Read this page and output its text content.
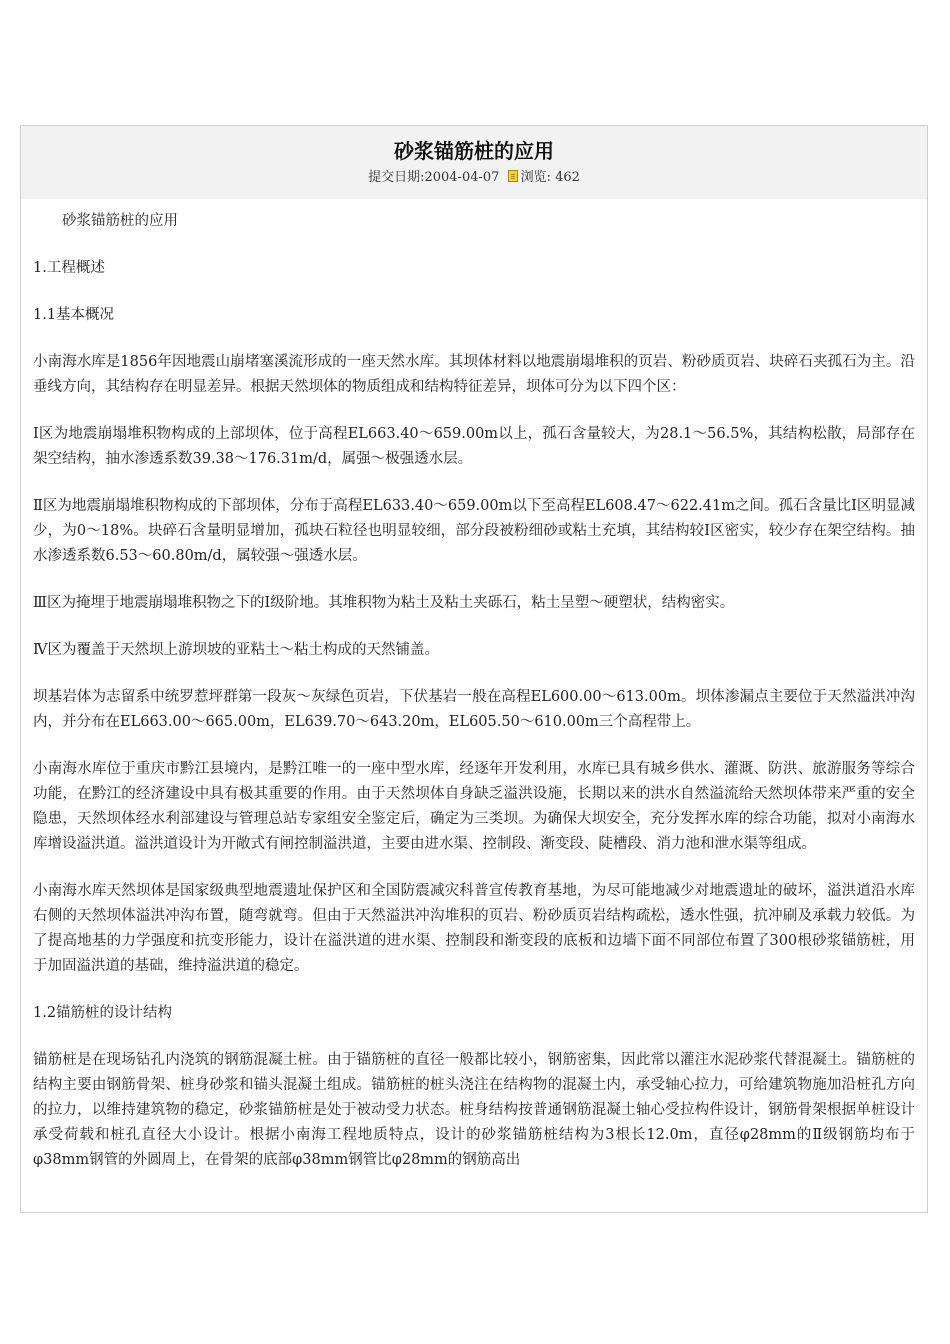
砂浆锚筋桩的应用
提交日期:2004-04-07 浏览: 462

砂浆锚筋桩的应用

1.工程概述

1.1基本概况

小南海水库是1856年因地震山崩堵塞溪流形成的一座天然水库。其坝体材料以地震崩塌堆积的页岩、粉砂质页岩、块碎石夹孤石为主。沿垂线方向，其结构存在明显差异。根据天然坝体的物质组成和结构特征差异，坝体可分为以下四个区：

Ⅰ区为地震崩塌堆积物构成的上部坝体，位于高程EL663.40～659.00m以上，孤石含量较大，为28.1～56.5%，其结构松散，局部存在架空结构，抽水渗透系数39.38～176.31m/d，属强～极强透水层。

Ⅱ区为地震崩塌堆积物构成的下部坝体，分布于高程EL633.40～659.00m以下至高程EL608.47～622.41m之间。孤石含量比Ⅰ区明显减少，为0～18%。块碎石含量明显增加，孤块石粒径也明显较细，部分段被粉细砂或粘土充填，其结构较Ⅰ区密实，较少存在架空结构。抽水渗透系数6.53～60.80m/d，属较强～强透水层。

Ⅲ区为掩埋于地震崩塌堆积物之下的Ⅰ级阶地。其堆积物为粘土及粘土夹砾石，粘土呈塑～硬塑状，结构密实。

Ⅳ区为覆盖于天然坝上游坝坡的亚粘土～粘土构成的天然铺盖。

坝基岩体为志留系中统罗惹坪群第一段灰～灰绿色页岩，下伏基岩一般在高程EL600.00～613.00m。坝体渗漏点主要位于天然溢洪冲沟内，并分布在EL663.00～665.00m，EL639.70～643.20m，EL605.50～610.00m三个高程带上。

小南海水库位于重庆市黔江县境内，是黔江唯一的一座中型水库，经逐年开发利用，水库已具有城乡供水、灌溉、防洪、旅游服务等综合功能，在黔江的经济建设中具有极其重要的作用。由于天然坝体自身缺乏溢洪设施，长期以来的洪水自然溢流给天然坝体带来严重的安全隐患，天然坝体经水利部建设与管理总站专家组安全鉴定后，确定为三类坝。为确保大坝安全，充分发挥水库的综合功能，拟对小南海水库增设溢洪道。溢洪道设计为开敞式有闸控制溢洪道，主要由进水渠、控制段、渐变段、陡槽段、消力池和泄水渠等组成。

小南海水库天然坝体是国家级典型地震遗址保护区和全国防震减灾科普宣传教育基地，为尽可能地减少对地震遗址的破坏，溢洪道沿水库右侧的天然坝体溢洪冲沟布置，随弯就弯。但由于天然溢洪冲沟堆积的页岩、粉砂质页岩结构疏松，透水性强，抗冲刷及承载力较低。为了提高地基的力学强度和抗变形能力，设计在溢洪道的进水渠、控制段和渐变段的底板和边墙下面不同部位布置了300根砂浆锚筋桩，用于加固溢洪道的基础，维持溢洪道的稳定。

1.2锚筋桩的设计结构

锚筋桩是在现场钻孔内浇筑的钢筋混凝土桩。由于锚筋桩的直径一般都比较小，钢筋密集，因此常以灌注水泥砂浆代替混凝土。锚筋桩的结构主要由钢筋骨架、桩身砂浆和锚头混凝土组成。锚筋桩的桩头浇注在结构物的混凝土内，承受轴心拉力，可给建筑物施加沿桩孔方向的拉力，以维持建筑物的稳定，砂浆锚筋桩是处于被动受力状态。桩身结构按普通钢筋混凝土轴心受拉构件设计，钢筋骨架根据单桩设计承受荷载和桩孔直径大小设计。根据小南海工程地质特点，设计的砂浆锚筋桩结构为3根长12.0m，直径φ28mm的Ⅱ级钢筋均布于φ38mm钢管的外圆周上，在骨架的底部φ38mm钢管比φ28mm的钢筋高出
